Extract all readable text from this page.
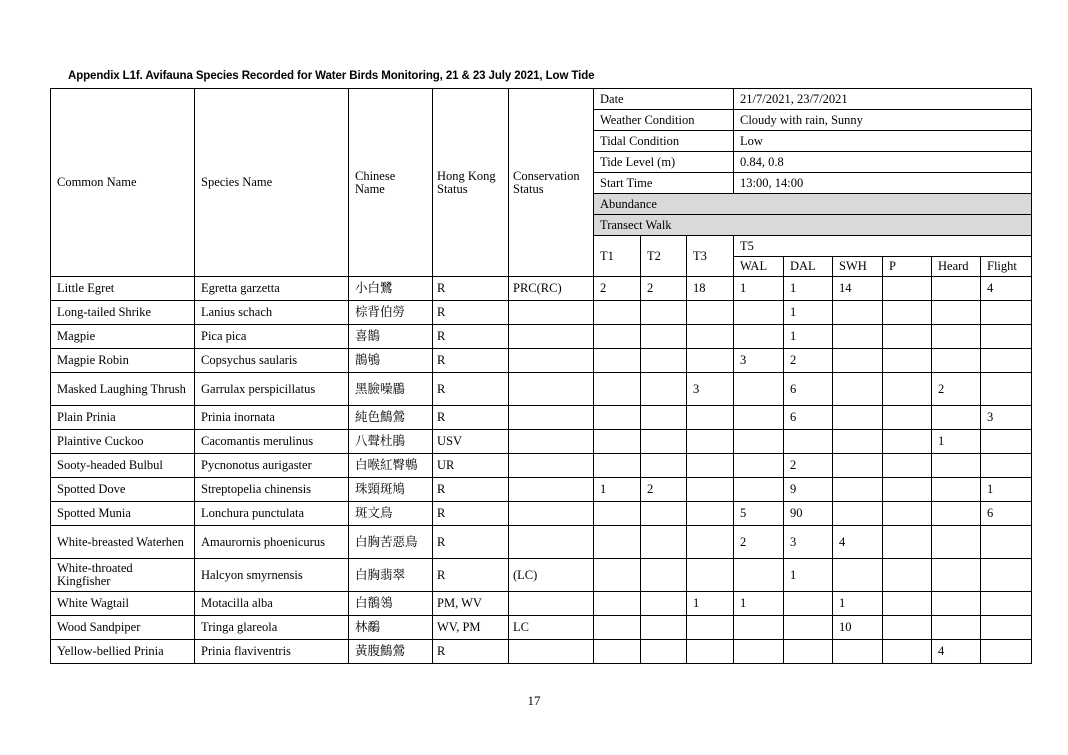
Appendix L1f. Avifauna Species Recorded for Water Birds Monitoring, 21 & 23 July 2021, Low Tide
Common Name	Species Name	Chinese Name	Hong Kong Status	Conservation Status	Date			21/7/2021, 23/7/2021					
					Weather Condition			Cloudy with rain, Sunny					
					Tidal Condition			Low					
					Tide Level (m)			0.84, 0.8					
					Start Time			13:00, 14:00					
					Abundance								
					Transect Walk								
					T1	T2	T3	T5					
								WAL	DAL	SWH	P	Heard	Flight
Little Egret	Egretta garzetta	小白鷺	R	PRC(RC)	2	2	18	1	1	14			4
Long-tailed Shrike	Lanius schach	棕背伯勞	R						1				
Magpie	Pica pica	喜鵲	R						1				
Magpie Robin	Copsychus saularis	鵲鴝	R					3	2				
Masked Laughing Thrush	Garrulax perspicillatus	黑臉噪鶥	R				3		6			2	
Plain Prinia	Prinia inornata	純色鷦鶯	R						6				3
Plaintive Cuckoo	Cacomantis merulinus	八聲杜鵑	USV									1	
Sooty-headed Bulbul	Pycnonotus aurigaster	白喉紅臀鵯	UR						2				
Spotted Dove	Streptopelia chinensis	珠頸斑鳩	R		1	2			9				1
Spotted Munia	Lonchura punctulata	斑文鳥	R					5	90				6
White-breasted Waterhen	Amaurornis phoenicurus	白胸苦惡鳥	R					2	3	4			
White-throated Kingfisher	Halcyon smyrnensis	白胸翡翠	R	(LC)					1				
White Wagtail	Motacilla alba	白鶺鴒	PM, WV				1	1		1			
Wood Sandpiper	Tringa glareola	林鷸	WV, PM	LC						10			
Yellow-bellied Prinia	Prinia flaviventris	黃腹鷦鶯	R									4	
17
